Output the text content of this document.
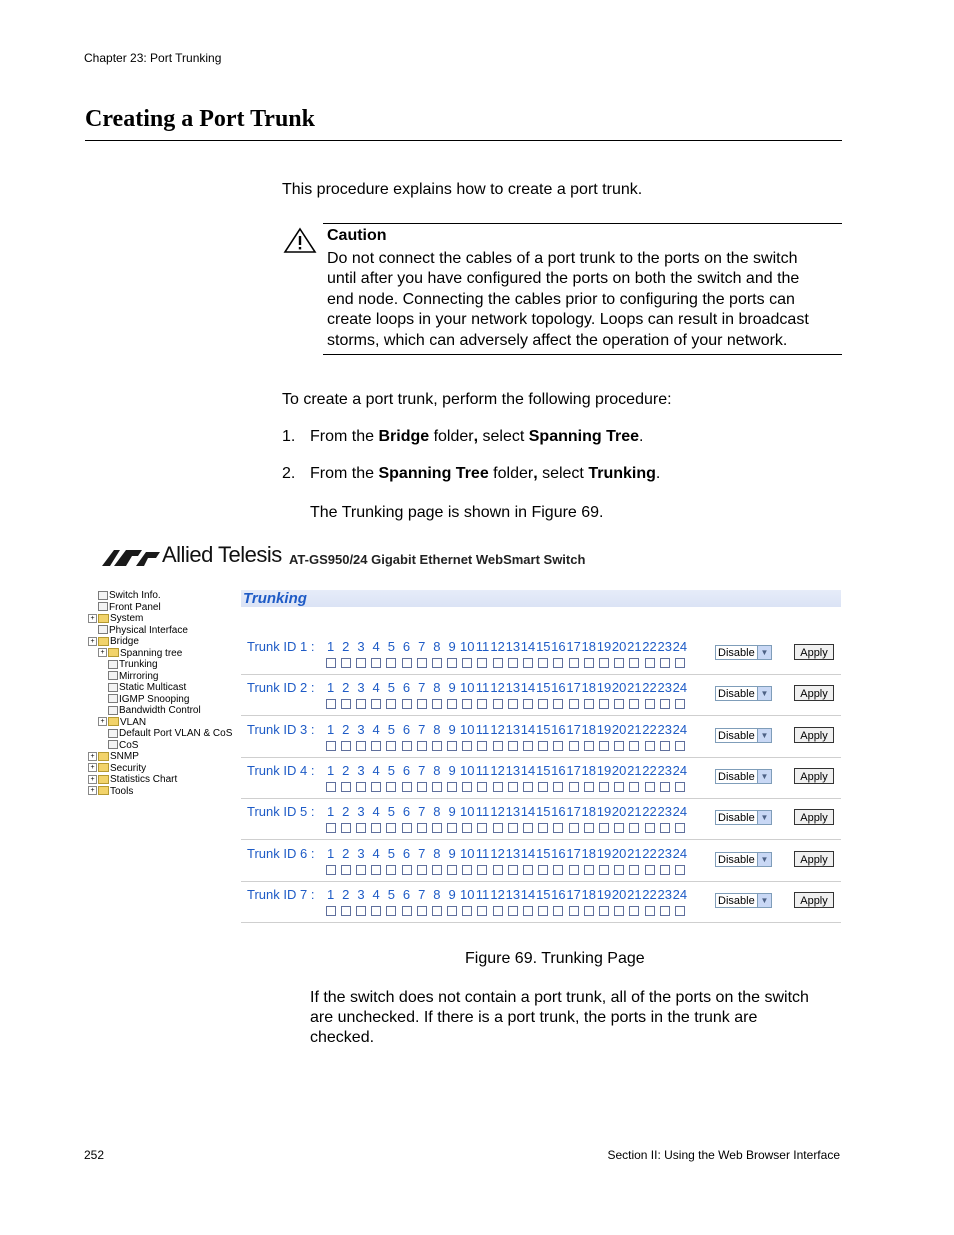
Chapter 23: Port Trunking
Creating a Port Trunk
This procedure explains how to create a port trunk.
Caution
Do not connect the cables of a port trunk to the ports on the switch
until after you have configured the ports on both the switch and the
end node. Connecting the cables prior to configuring the ports can
create loops in your network topology. Loops can result in broadcast
storms, which can adversely affect the operation of your network.
To create a port trunk, perform the following procedure:
1. From the Bridge folder, select Spanning Tree.
2. From the Spanning Tree folder, select Trunking.
The Trunking page is shown in Figure 69.
Allied Telesis AT-GS950/24 Gigabit Ethernet WebSmart Switch
Switch Info.
Front Panel
+ System
Physical Interface
+ Bridge
+ Spanning tree
Trunking
Mirroring
Static Multicast
IGMP Snooping
Bandwidth Control
+ VLAN
Default Port VLAN & CoS
CoS
+ SNMP
+ Security
+ Statistics Chart
+ Tools
Trunking
Trunk ID 1 : 1 2 3 4 5 6 7 8 9 101112131415161718192021222324	Disable ▼	Apply
Trunk ID 2 : 1 2 3 4 5 6 7 8 9 101112131415161718192021222324	Disable ▼	Apply
Trunk ID 3 : 1 2 3 4 5 6 7 8 9 101112131415161718192021222324	Disable ▼	Apply
Trunk ID 4 : 1 2 3 4 5 6 7 8 9 101112131415161718192021222324	Disable ▼	Apply
Trunk ID 5 : 1 2 3 4 5 6 7 8 9 101112131415161718192021222324	Disable ▼	Apply
Trunk ID 6 : 1 2 3 4 5 6 7 8 9 101112131415161718192021222324	Disable ▼	Apply
Trunk ID 7 : 1 2 3 4 5 6 7 8 9 101112131415161718192021222324	Disable ▼	Apply
Figure 69. Trunking Page
If the switch does not contain a port trunk, all of the ports on the switch
are unchecked. If there is a port trunk, the ports in the trunk are
checked.
252	Section II: Using the Web Browser Interface
